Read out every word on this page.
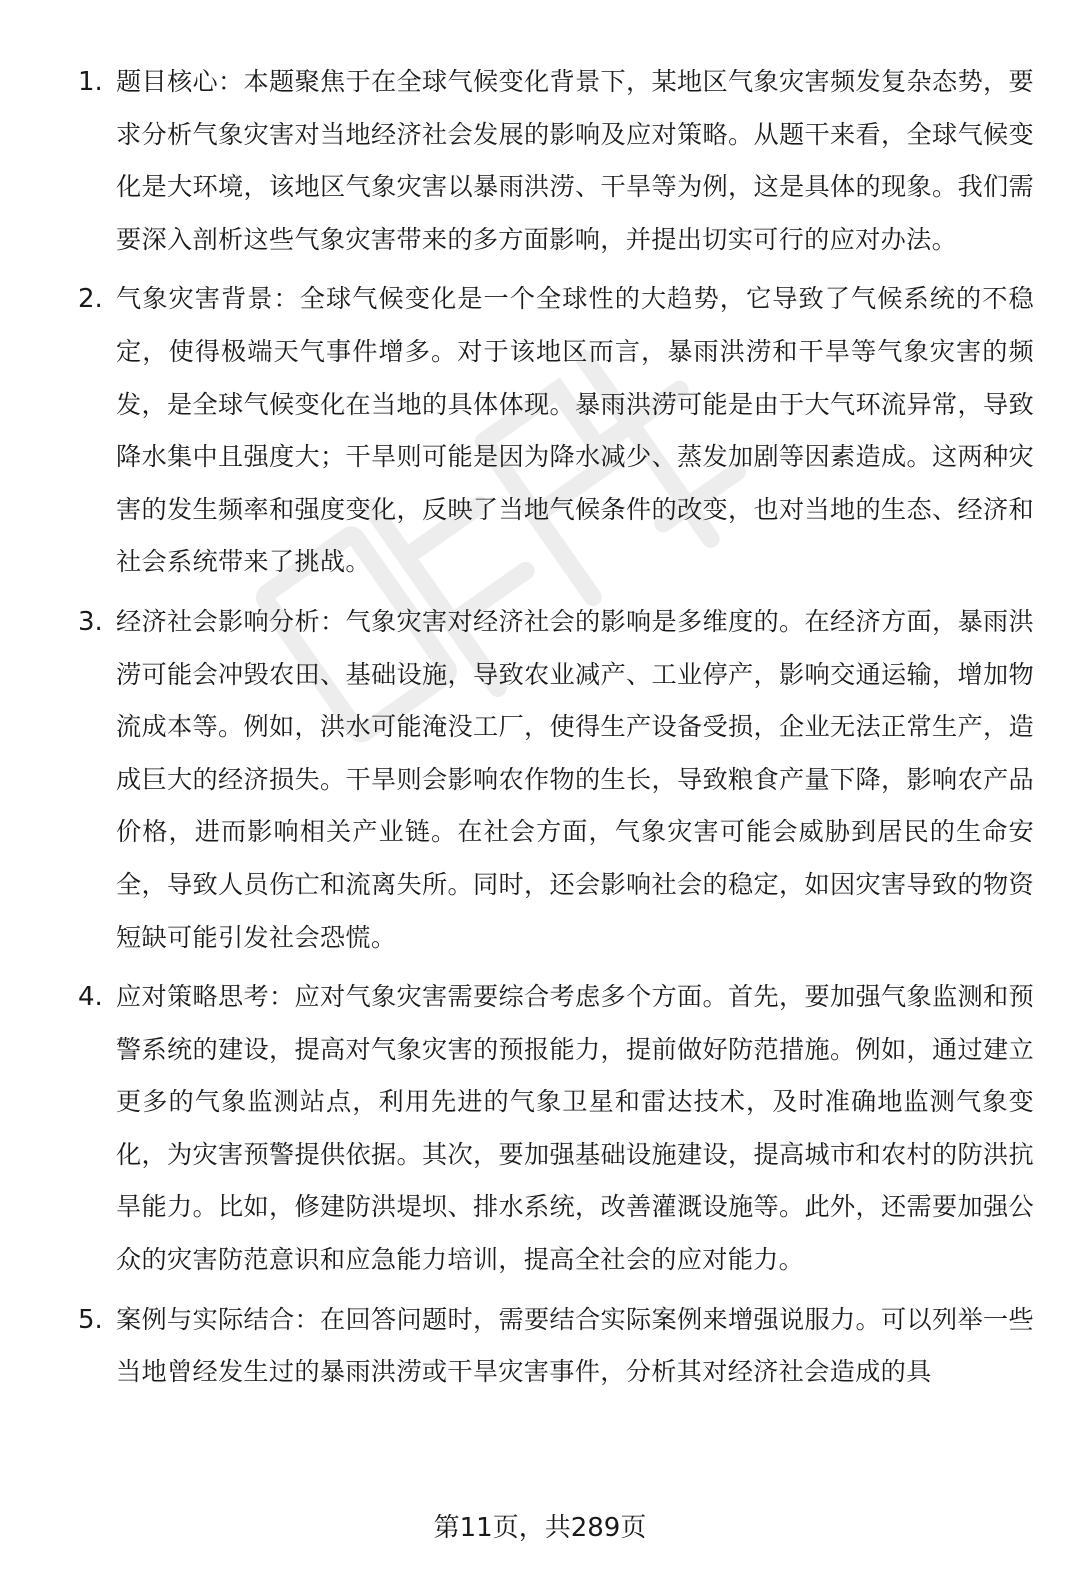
1. 题目核心：本题聚焦于在全球气候变化背景下，某地区气象灾害频发复杂态势，要求分析气象灾害对当地经济社会发展的影响及应对策略。从题干来看，全球气候变化是大环境，该地区气象灾害以暴雨洪涝、干旱等为例，这是具体的现象。我们需要深入剖析这些气象灾害带来的多方面影响，并提出切实可行的应对办法。
2. 气象灾害背景：全球气候变化是一个全球性的大趋势，它导致了气候系统的不稳定，使得极端天气事件增多。对于该地区而言，暴雨洪涝和干旱等气象灾害的频发，是全球气候变化在当地的具体体现。暴雨洪涝可能是由于大气环流异常，导致降水集中且强度大；干旱则可能是因为降水减少、蒸发加剧等因素造成。这两种灾害的发生频率和强度变化，反映了当地气候条件的改变，也对当地的生态、经济和社会系统带来了挑战。
3. 经济社会影响分析：气象灾害对经济社会的影响是多维度的。在经济方面，暴雨洪涝可能会冲毁农田、基础设施，导致农业减产、工业停产，影响交通运输，增加物流成本等。例如，洪水可能淹没工厂，使得生产设备受损，企业无法正常生产，造成巨大的经济损失。干旱则会影响农作物的生长，导致粮食产量下降，影响农产品价格，进而影响相关产业链。在社会方面，气象灾害可能会威胁到居民的生命安全，导致人员伤亡和流离失所。同时，还会影响社会的稳定，如因灾害导致的物资短缺可能引发社会恐慌。
4. 应对策略思考：应对气象灾害需要综合考虑多个方面。首先，要加强气象监测和预警系统的建设，提高对气象灾害的预报能力，提前做好防范措施。例如，通过建立更多的气象监测站点，利用先进的气象卫星和雷达技术，及时准确地监测气象变化，为灾害预警提供依据。其次，要加强基础设施建设，提高城市和农村的防洪抗旱能力。比如，修建防洪堤坝、排水系统，改善灌溉设施等。此外，还需要加强公众的灾害防范意识和应急能力培训，提高全社会的应对能力。
5. 案例与实际结合：在回答问题时，需要结合实际案例来增强说服力。可以列举一些当地曾经发生过的暴雨洪涝或干旱灾害事件，分析其对经济社会造成的具
第11页，共289页
